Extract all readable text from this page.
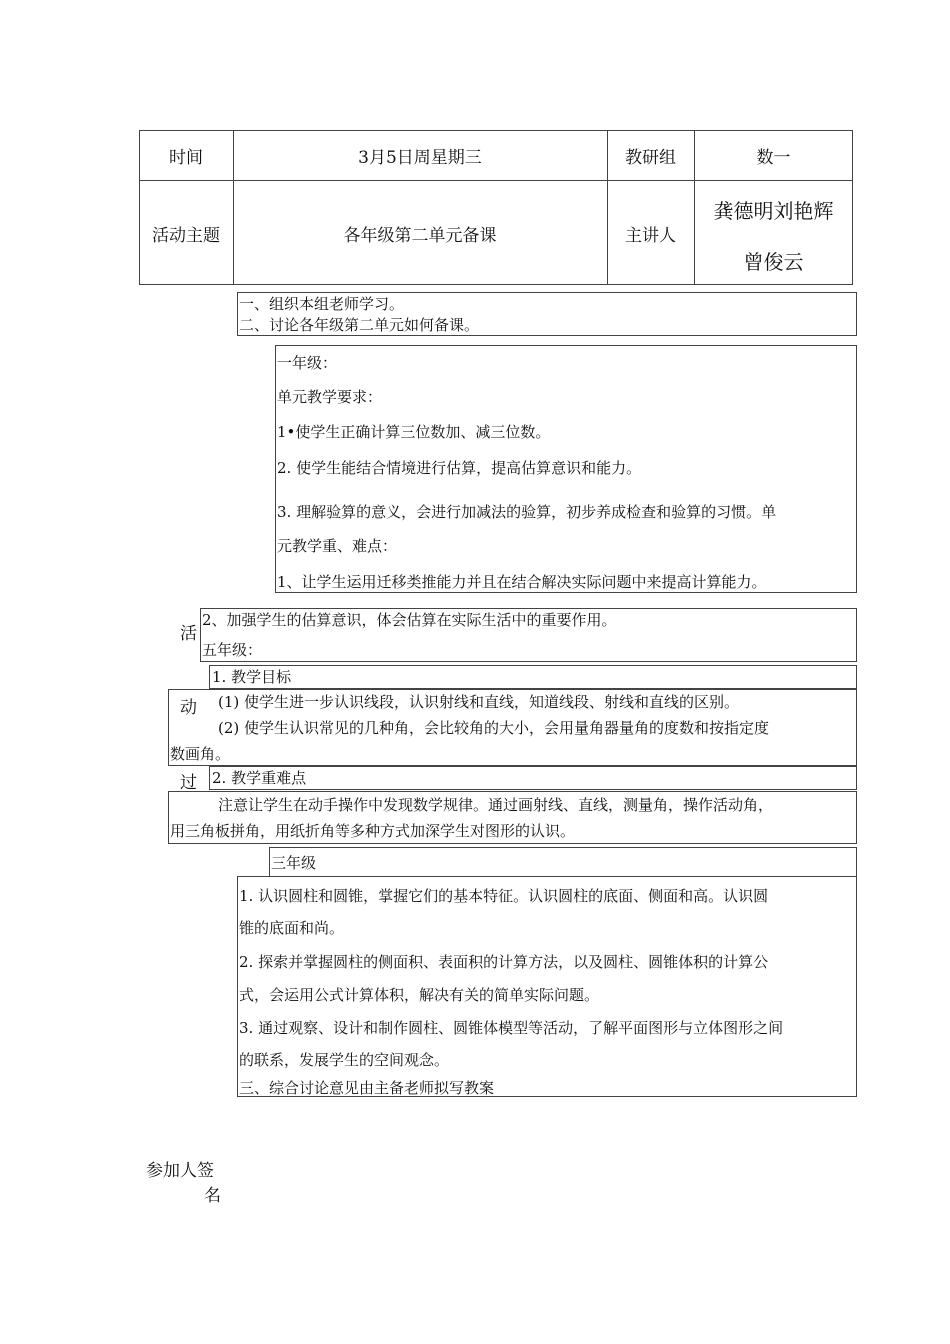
时间	3月5日周星期三	教研组	数一
活动主题	各年级第二单元备课	主讲人
龚德明刘艳辉
曾俊云
一、组织本组老师学习。
二、讨论各年级第二单元如何备课。
一年级：
单元教学要求：
1•使学生正确计算三位数加、减三位数。
2. 使学生能结合情境进行估算，提高估算意识和能力。
3. 理解验算的意义，会进行加减法的验算，初步养成检查和验算的习惯。单
元教学重、难点：
1、让学生运用迁移类推能力并且在结合解决实际问题中来提高计算能力。
2、加强学生的估算意识，体会估算在实际生活中的重要作用。
五年级：
活
动
过
1. 教学目标
(1) 使学生进一步认识线段，认识射线和直线，知道线段、射线和直线的区别。
(2) 使学生认识常见的几种角，会比较角的大小，会用量角器量角的度数和按指定度
数画角。
2. 教学重难点
注意让学生在动手操作中发现数学规律。通过画射线、直线，测量角，操作活动角，
用三角板拼角，用纸折角等多种方式加深学生对图形的认识。
三年级
1. 认识圆柱和圆锥，掌握它们的基本特征。认识圆柱的底面、侧面和高。认识圆
锥的底面和尚。
2. 探索并掌握圆柱的侧面积、表面积的计算方法，以及圆柱、圆锥体积的计算公
式，会运用公式计算体积，解决有关的简单实际问题。
3. 通过观察、设计和制作圆柱、圆锥体模型等活动，了解平面图形与立体图形之间
的联系，发展学生的空间观念。
三、综合讨论意见由主备老师拟写教案
参加人签
名
